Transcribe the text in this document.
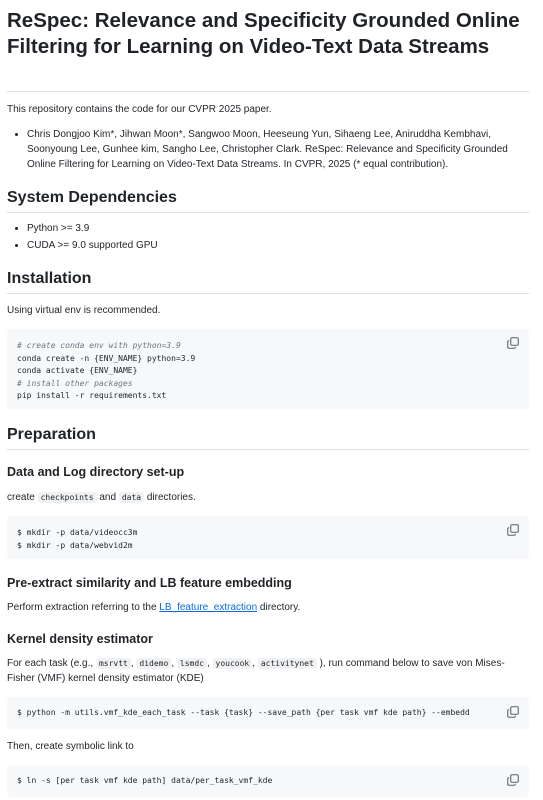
ReSpec: Relevance and Specificity Grounded Online Filtering for Learning on Video-Text Data Streams

This repository contains the code for our CVPR 2025 paper.

• Chris Dongjoo Kim*, Jihwan Moon*, Sangwoo Moon, Heeseung Yun, Sihaeng Lee, Aniruddha Kembhavi, Soonyoung Lee, Gunhee kim, Sangho Lee, Christopher Clark. ReSpec: Relevance and Specificity Grounded Online Filtering for Learning on Video-Text Data Streams. In CVPR, 2025 (* equal contribution).
System Dependencies
• Python >= 3.9
• CUDA >= 9.0 supported GPU
Installation

Using virtual env is recommended.

# create conda env with python=3.9
conda create -n {ENV_NAME} python=3.9
conda activate {ENV_NAME}
# install other packages
pip install -r requirements.txt
Preparation
Data and Log directory set-up

create checkpoints and data directories.

$ mkdir -p data/videocc3m
$ mkdir -p data/webvid2m
Pre-extract similarity and LB feature embedding

Perform extraction referring to the LB_feature_extraction directory.

Kernel density estimator

For each task (e.g., msrvtt , didemo , lsmdc , youcook , activitynet ), run command below to save von Mises-Fisher (VMF) kernel density estimator (KDE)

$ python -m utils.vmf_kde_each_task --task {task} --save_path {per task vmf kde path} --embedd

Then, create symbolic link to

$ ln -s [per task vmf kde path] data/per_task_vmf_kde
